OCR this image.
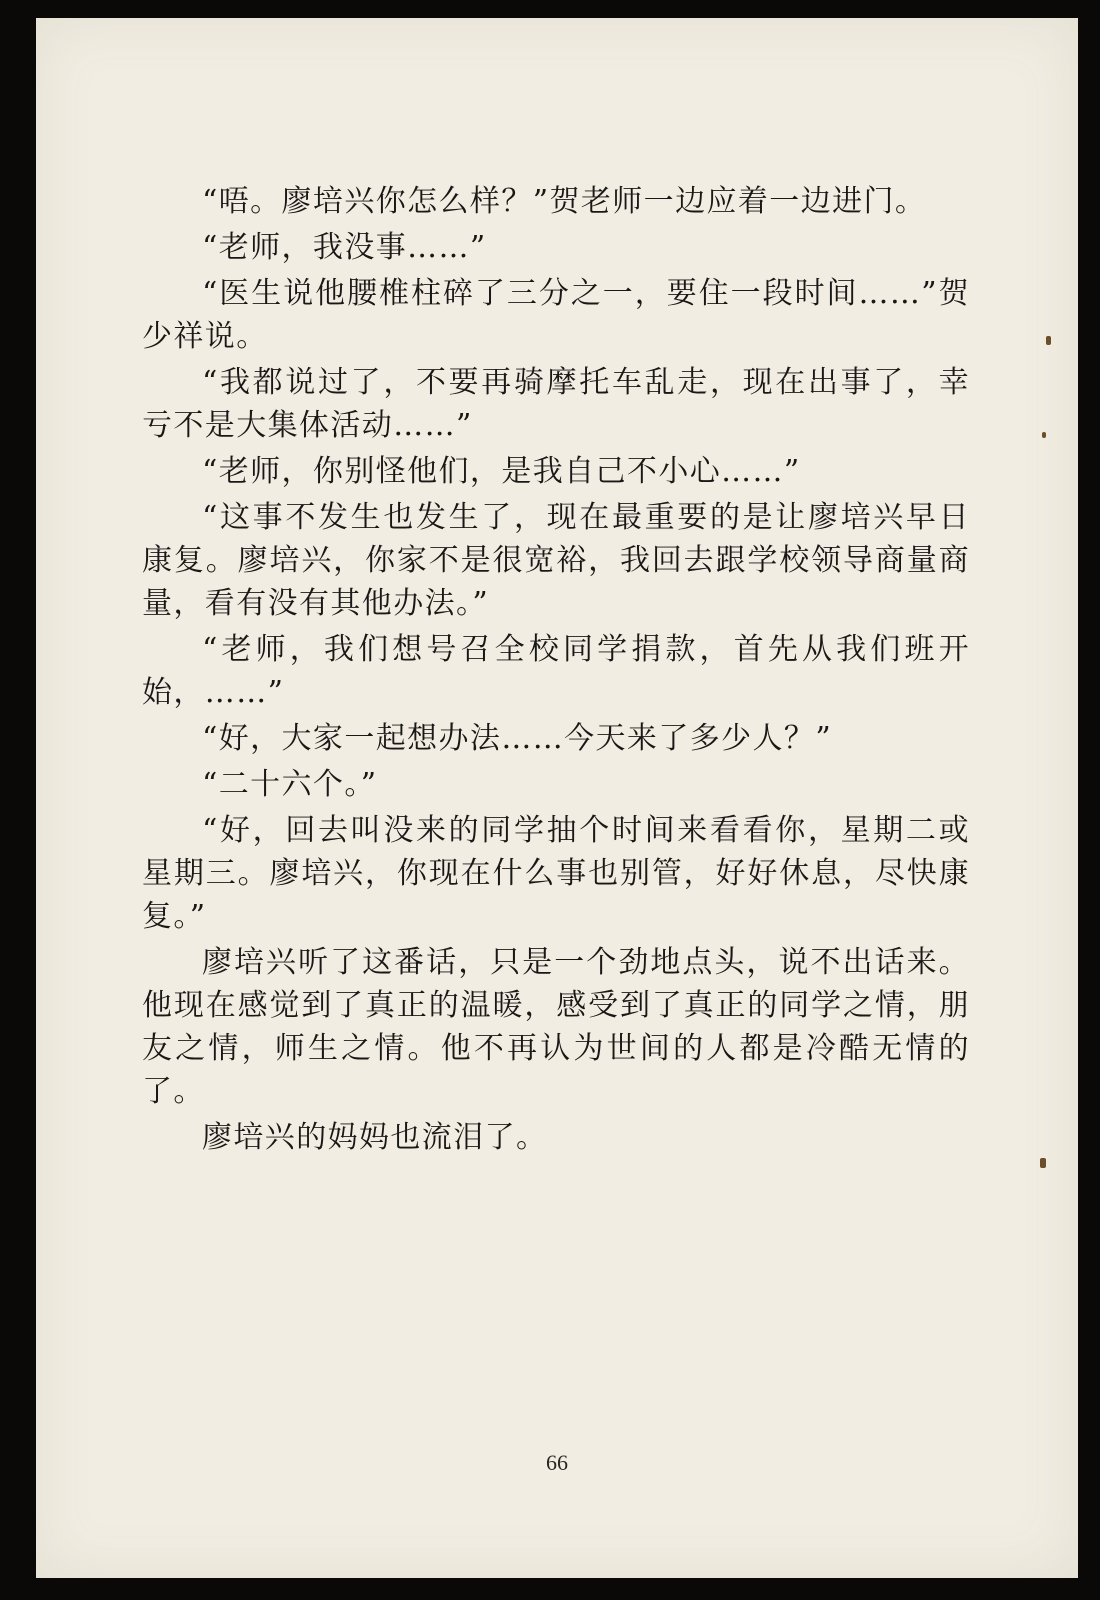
“唔。廖培兴你怎么样？”贺老师一边应着一边进门。

“老师，我没事……”

“医生说他腰椎柱碎了三分之一，要住一段时间……”贺少祥说。

“我都说过了，不要再骑摩托车乱走，现在出事了，幸亏不是大集体活动……”

“老师，你别怪他们，是我自己不小心……”

“这事不发生也发生了，现在最重要的是让廖培兴早日康复。廖培兴，你家不是很宽裕，我回去跟学校领导商量商量，看有没有其他办法。”

“老师，我们想号召全校同学捐款，首先从我们班开始，……”

“好，大家一起想办法……今天来了多少人？”

“二十六个。”

“好，回去叫没来的同学抽个时间来看看你，星期二或星期三。廖培兴，你现在什么事也别管，好好休息，尽快康复。”

廖培兴听了这番话，只是一个劲地点头，说不出话来。他现在感觉到了真正的温暖，感受到了真正的同学之情，朋友之情，师生之情。他不再认为世间的人都是冷酷无情的了。

廖培兴的妈妈也流泪了。

66
